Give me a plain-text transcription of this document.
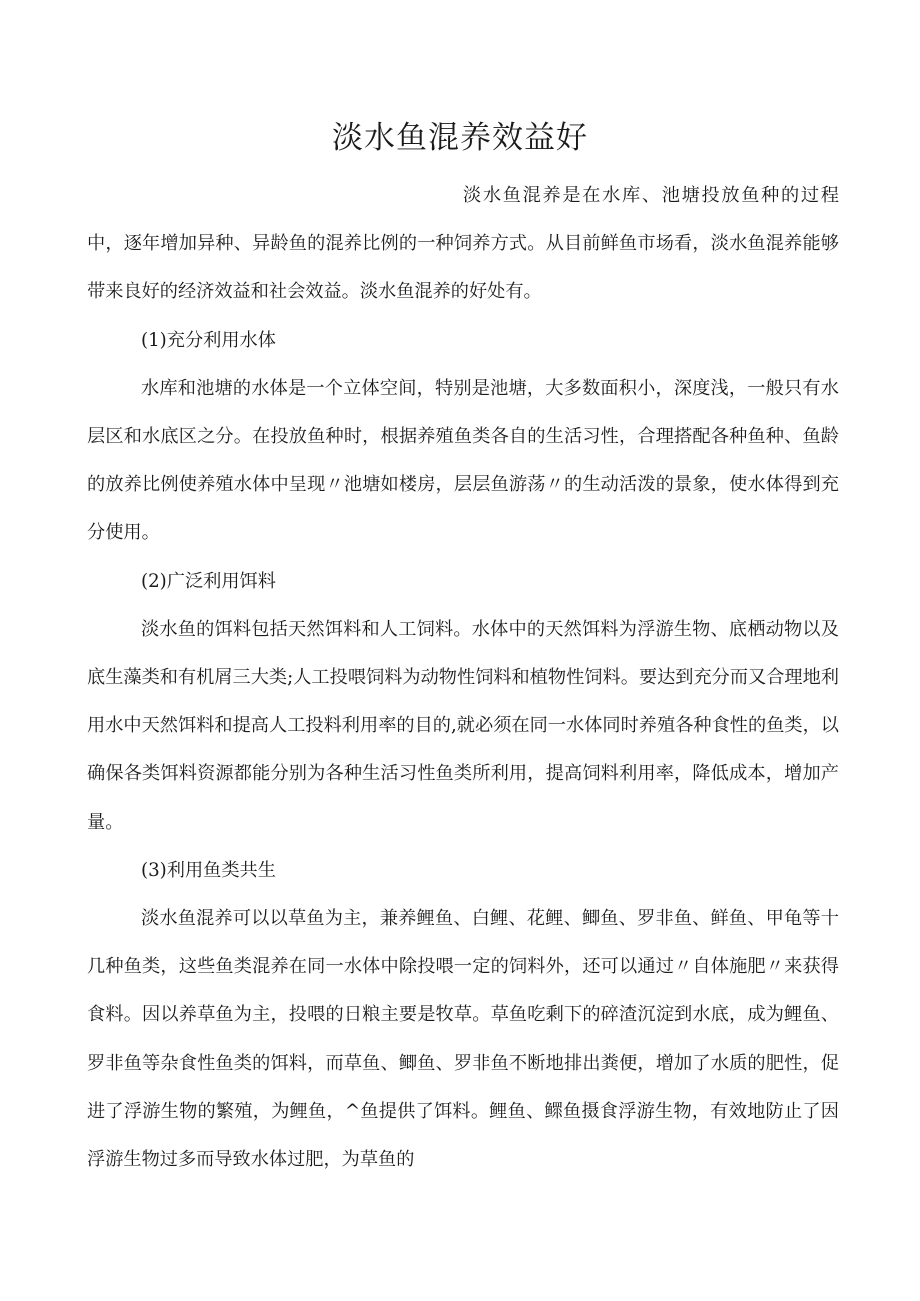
淡水鱼混养效益好

淡水鱼混养是在水库、池塘投放鱼种的过程中，逐年增加异种、异龄鱼的混养比例的一种饲养方式。从目前鲜鱼市场看，淡水鱼混养能够带来良好的经济效益和社会效益。淡水鱼混养的好处有。

(1)充分利用水体

水库和池塘的水体是一个立体空间，特别是池塘，大多数面积小，深度浅，一般只有水层区和水底区之分。在投放鱼种时，根据养殖鱼类各自的生活习性，合理搭配各种鱼种、鱼龄的放养比例使养殖水体中呈现〃池塘如楼房，层层鱼游荡〃的生动活泼的景象，使水体得到充分使用。

(2)广泛利用饵料

淡水鱼的饵料包括天然饵料和人工饲料。水体中的天然饵料为浮游生物、底栖动物以及底生藻类和有机屑三大类;人工投喂饲料为动物性饲料和植物性饲料。要达到充分而又合理地利用水中天然饵料和提高人工投料利用率的目的,就必须在同一水体同时养殖各种食性的鱼类，以确保各类饵料资源都能分别为各种生活习性鱼类所利用，提高饲料利用率，降低成本，增加产量。

(3)利用鱼类共生

淡水鱼混养可以以草鱼为主，兼养鲤鱼、白鲤、花鲤、鲫鱼、罗非鱼、鲜鱼、甲龟等十几种鱼类，这些鱼类混养在同一水体中除投喂一定的饲料外，还可以通过〃自体施肥〃来获得食料。因以养草鱼为主，投喂的日粮主要是牧草。草鱼吃剩下的碎渣沉淀到水底，成为鲤鱼、罗非鱼等杂食性鱼类的饵料，而草鱼、鲫鱼、罗非鱼不断地排出粪便，增加了水质的肥性，促进了浮游生物的繁殖，为鲤鱼，^鱼提供了饵料。鲤鱼、鳏鱼摄食浮游生物，有效地防止了因浮游生物过多而导致水体过肥，为草鱼的
